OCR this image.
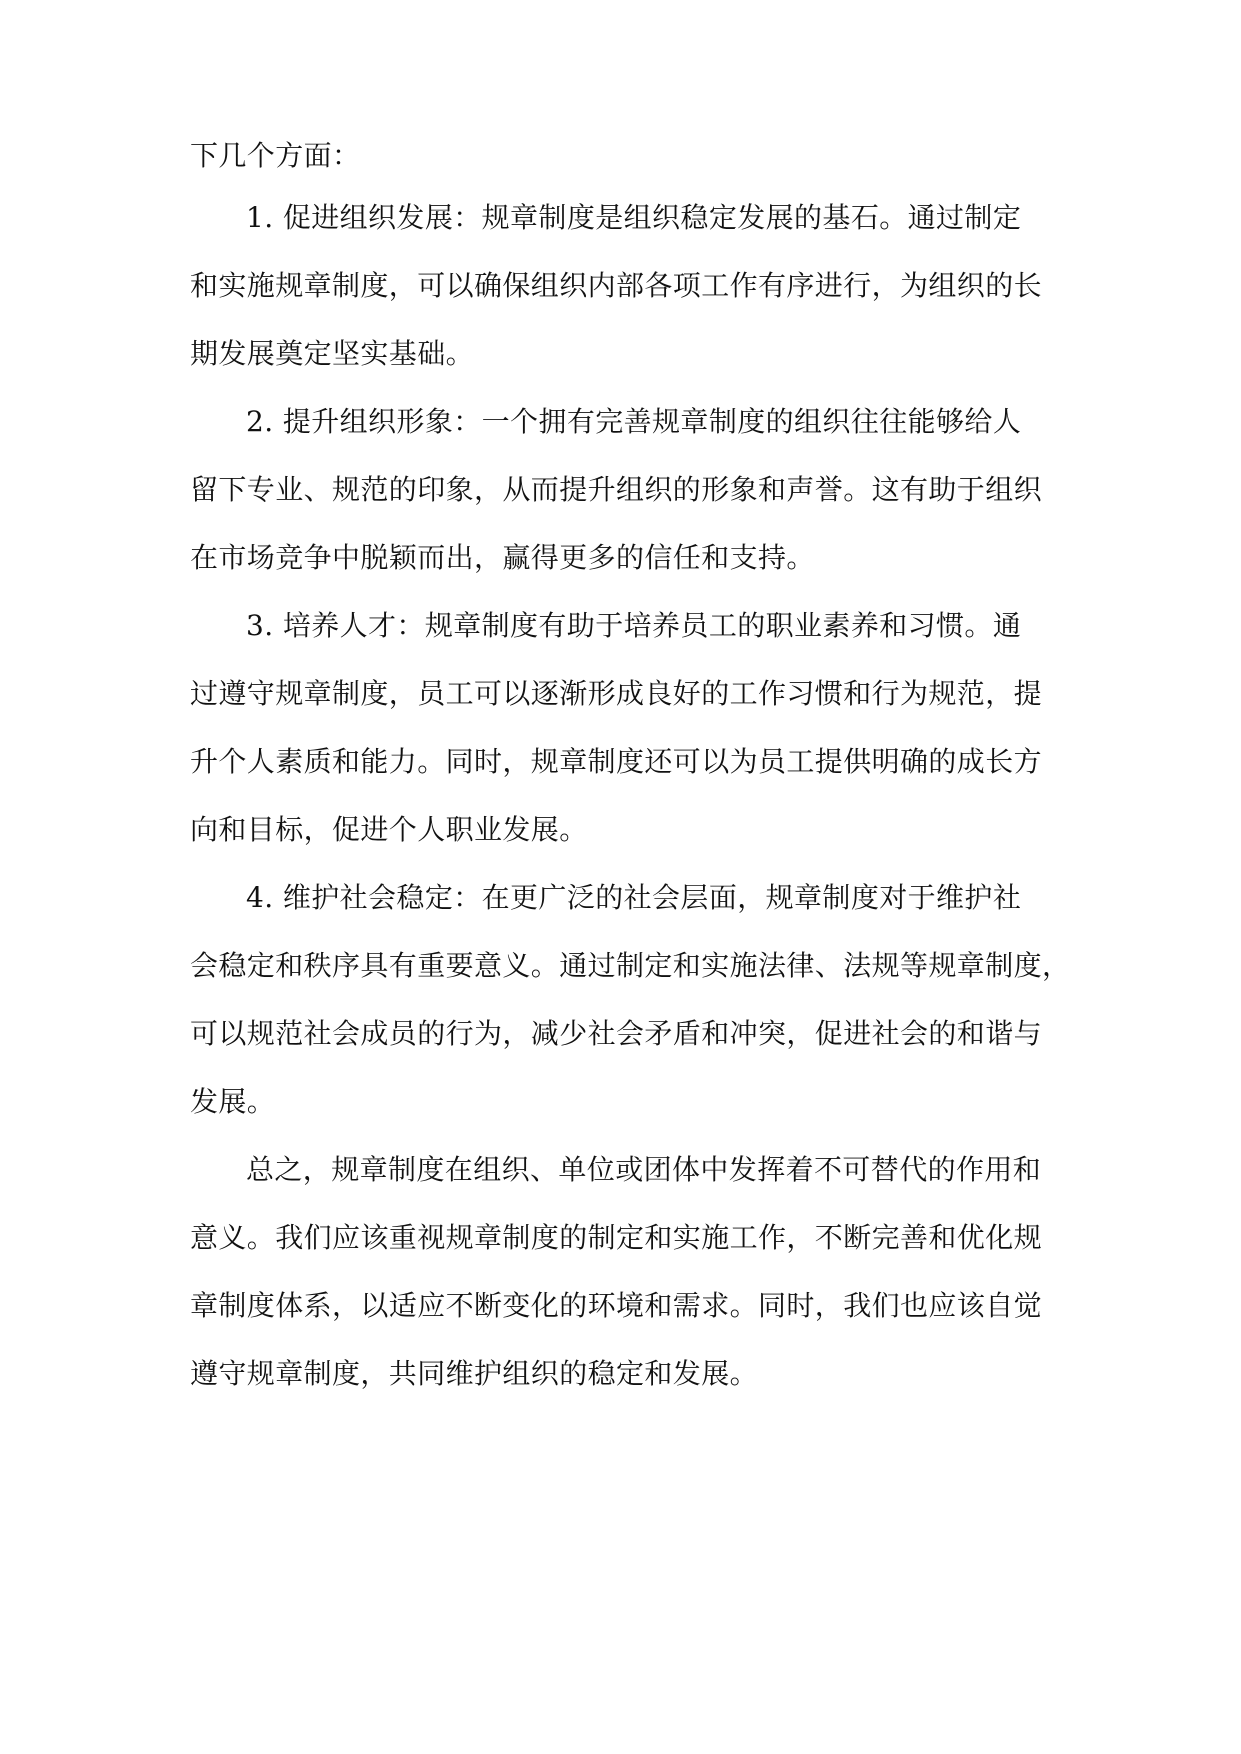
下几个方面：

1. 促进组织发展：规章制度是组织稳定发展的基石。通过制定

和实施规章制度，可以确保组织内部各项工作有序进行，为组织的长

期发展奠定坚实基础。

2. 提升组织形象：一个拥有完善规章制度的组织往往能够给人

留下专业、规范的印象，从而提升组织的形象和声誉。这有助于组织

在市场竞争中脱颖而出，赢得更多的信任和支持。

3. 培养人才：规章制度有助于培养员工的职业素养和习惯。通

过遵守规章制度，员工可以逐渐形成良好的工作习惯和行为规范，提

升个人素质和能力。同时，规章制度还可以为员工提供明确的成长方

向和目标，促进个人职业发展。

4. 维护社会稳定：在更广泛的社会层面，规章制度对于维护社

会稳定和秩序具有重要意义。通过制定和实施法律、法规等规章制度，

可以规范社会成员的行为，减少社会矛盾和冲突，促进社会的和谐与

发展。

总之，规章制度在组织、单位或团体中发挥着不可替代的作用和

意义。我们应该重视规章制度的制定和实施工作，不断完善和优化规

章制度体系，以适应不断变化的环境和需求。同时，我们也应该自觉

遵守规章制度，共同维护组织的稳定和发展。
